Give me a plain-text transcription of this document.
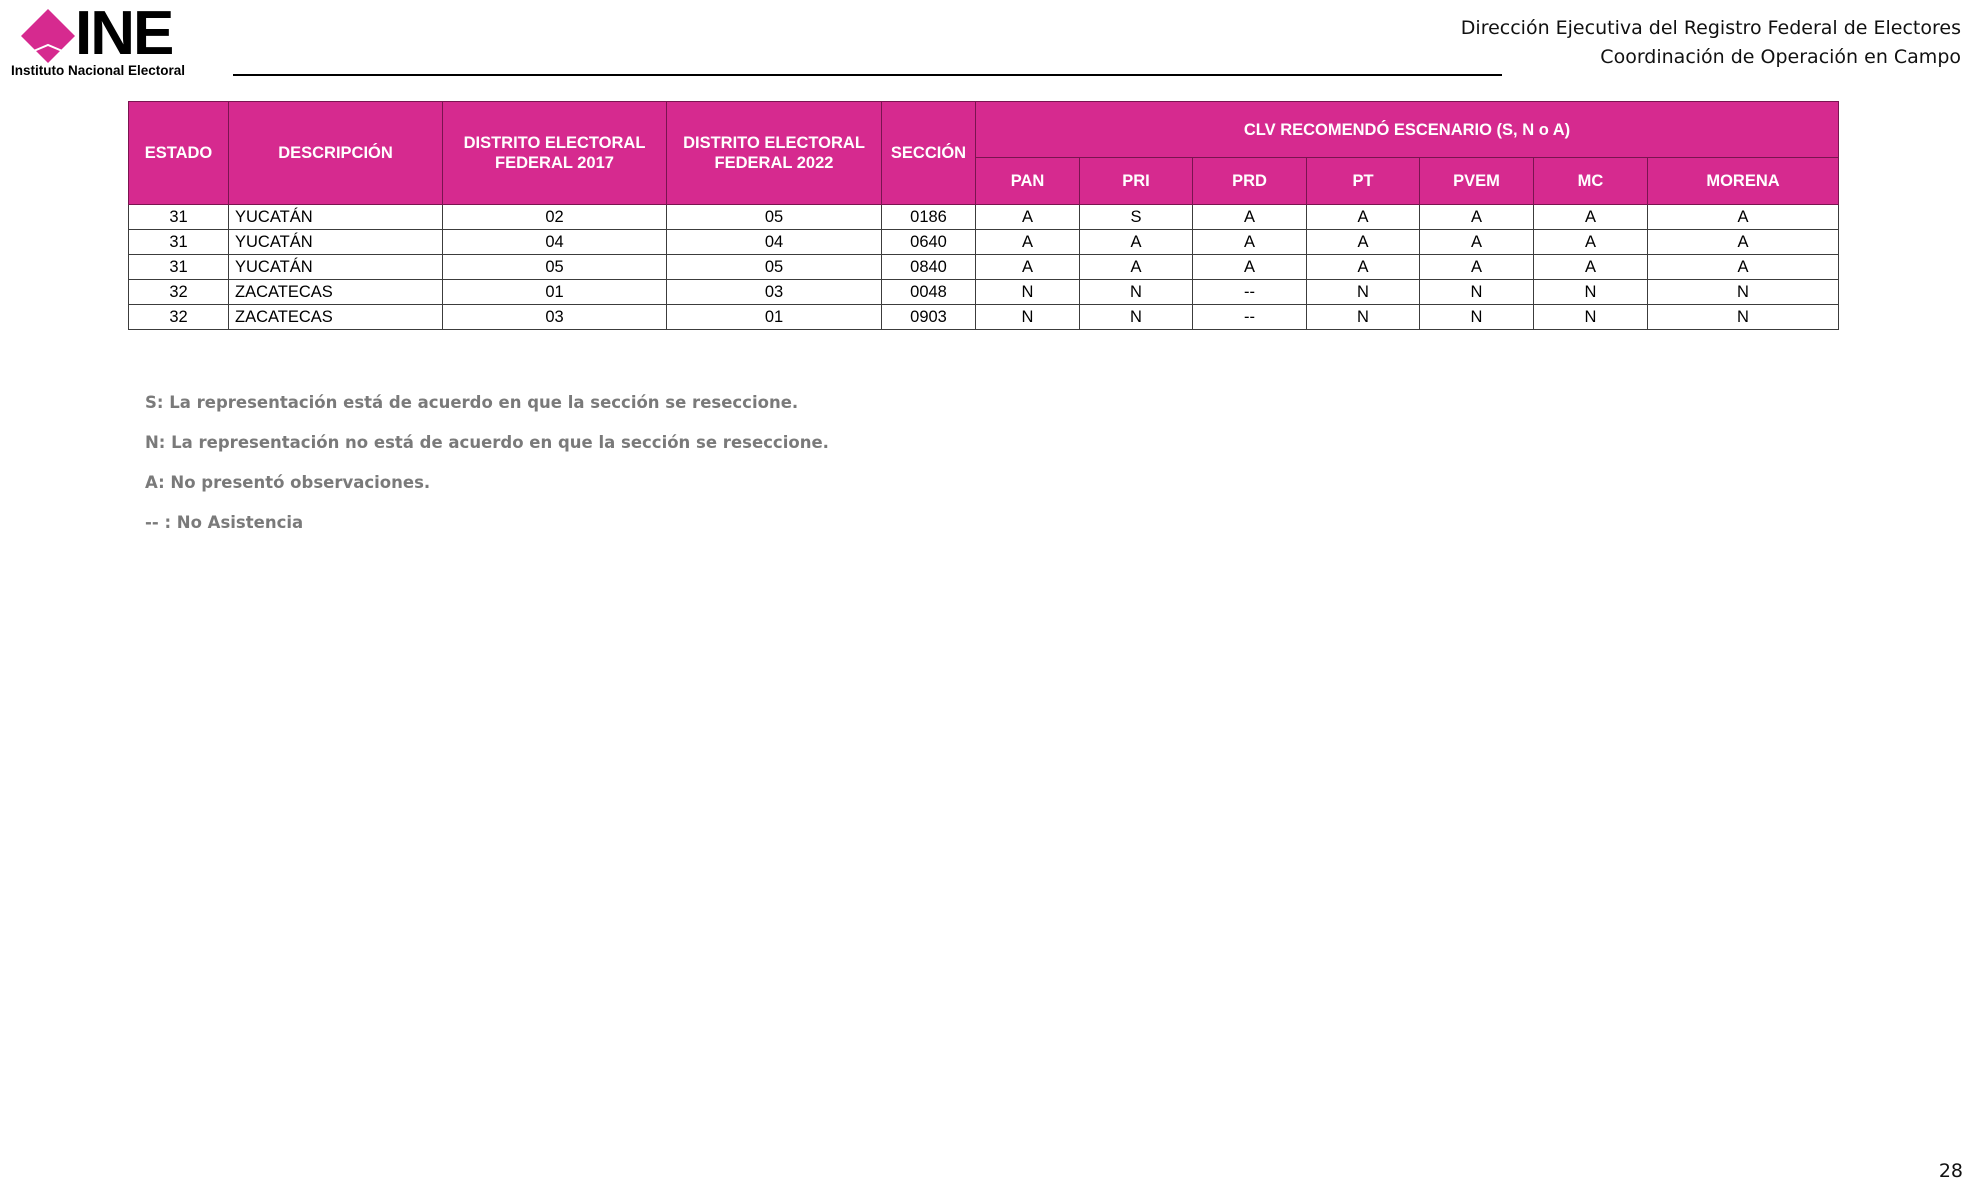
INE
Instituto Nacional Electoral
Dirección Ejecutiva del Registro Federal de Electores
Coordinación de Operación en Campo
ESTADO	DESCRIPCIÓN	DISTRITO ELECTORAL FEDERAL 2017	DISTRITO ELECTORAL FEDERAL 2022	SECCIÓN	CLV RECOMENDÓ ESCENARIO (S, N o A)						
					PAN	PRI	PRD	PT	PVEM	MC	MORENA
31	YUCATÁN	02	05	0186	A	S	A	A	A	A	A
31	YUCATÁN	04	04	0640	A	A	A	A	A	A	A
31	YUCATÁN	05	05	0840	A	A	A	A	A	A	A
32	ZACATECAS	01	03	0048	N	N	--	N	N	N	N
32	ZACATECAS	03	01	0903	N	N	--	N	N	N	N
S: La representación está de acuerdo en que la sección se reseccione.
N: La representación no está de acuerdo en que la sección se reseccione.
A: No presentó observaciones.
-- : No Asistencia
28
